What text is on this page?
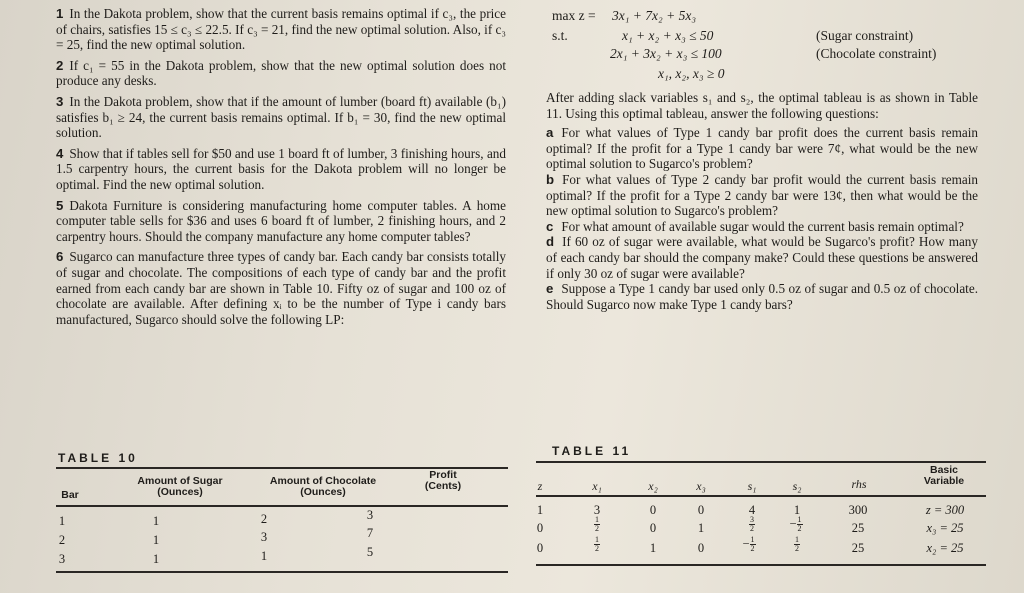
1 In the Dakota problem, show that the current basis remains optimal if c₃, the price of chairs, satisfies 15 ≤ c₃ ≤ 22.5. If c₃ = 21, find the new optimal solution. Also, if c₃ = 25, find the new optimal solution.

2 If c₁ = 55 in the Dakota problem, show that the new optimal solution does not produce any desks.

3 In the Dakota problem, show that if the amount of lumber (board ft) available (b₁) satisfies b₁ ≥ 24, the current basis remains optimal. If b₁ = 30, find the new optimal solution.

4 Show that if tables sell for $50 and use 1 board ft of lumber, 3 finishing hours, and 1.5 carpentry hours, the current basis for the Dakota problem will no longer be optimal. Find the new optimal solution.

5 Dakota Furniture is considering manufacturing home computer tables. A home computer table sells for $36 and uses 6 board ft of lumber, 2 finishing hours, and 2 carpentry hours. Should the company manufacture any home computer tables?

6 Sugarco can manufacture three types of candy bar. Each candy bar consists totally of sugar and chocolate. The compositions of each type of candy bar and the profit earned from each candy bar are shown in Table 10. Fifty oz of sugar and 100 oz of chocolate are available. After defining xᵢ to be the number of Type i candy bars manufactured, Sugarco should solve the following LP:

max z = 3x₁ + 7x₂ + 5x₃
s.t.	x₁ + x₂ + x₃ ≤ 50	(Sugar constraint)
2x₁ + 3x₂ + x₃ ≤ 100	(Chocolate constraint)
x₁, x₂, x₃ ≥ 0

After adding slack variables s₁ and s₂, the optimal tableau is as shown in Table 11. Using this optimal tableau, answer the following questions:

a For what values of Type 1 candy bar profit does the current basis remain optimal? If the profit for a Type 1 candy bar were 7¢, what would be the new optimal solution to Sugarco's problem?

b For what values of Type 2 candy bar profit would the current basis remain optimal? If the profit for a Type 2 candy bar were 13¢, then what would be the new optimal solution to Sugarco's problem?

c For what amount of available sugar would the current basis remain optimal?

d If 60 oz of sugar were available, what would be Sugarco's profit? How many of each candy bar should the company make? Could these questions be answered if only 30 oz of sugar were available?

e Suppose a Type 1 candy bar used only 0.5 oz of sugar and 0.5 oz of chocolate. Should Sugarco now make Type 1 candy bars?

TABLE 10
Bar
Amount of Sugar (Ounces)
Amount of Chocolate (Ounces)
Profit (Cents)
1	1	2	3
2	1	3	7
3	1	1	5
TABLE 11
z	x₁	x₂	x₃	s₁	s₂	rhs
Basic Variable
1	3	0	0	4	1	300	z = 300
0	$\frac{1}{2}$	0	1	$\frac{3}{2}$	− $\frac{1}{2}$	25	x₃ = 25
0	$\frac{1}{2}$	1	0	− $\frac{1}{2}$	$\frac{1}{2}$	25	x₂ = 25
